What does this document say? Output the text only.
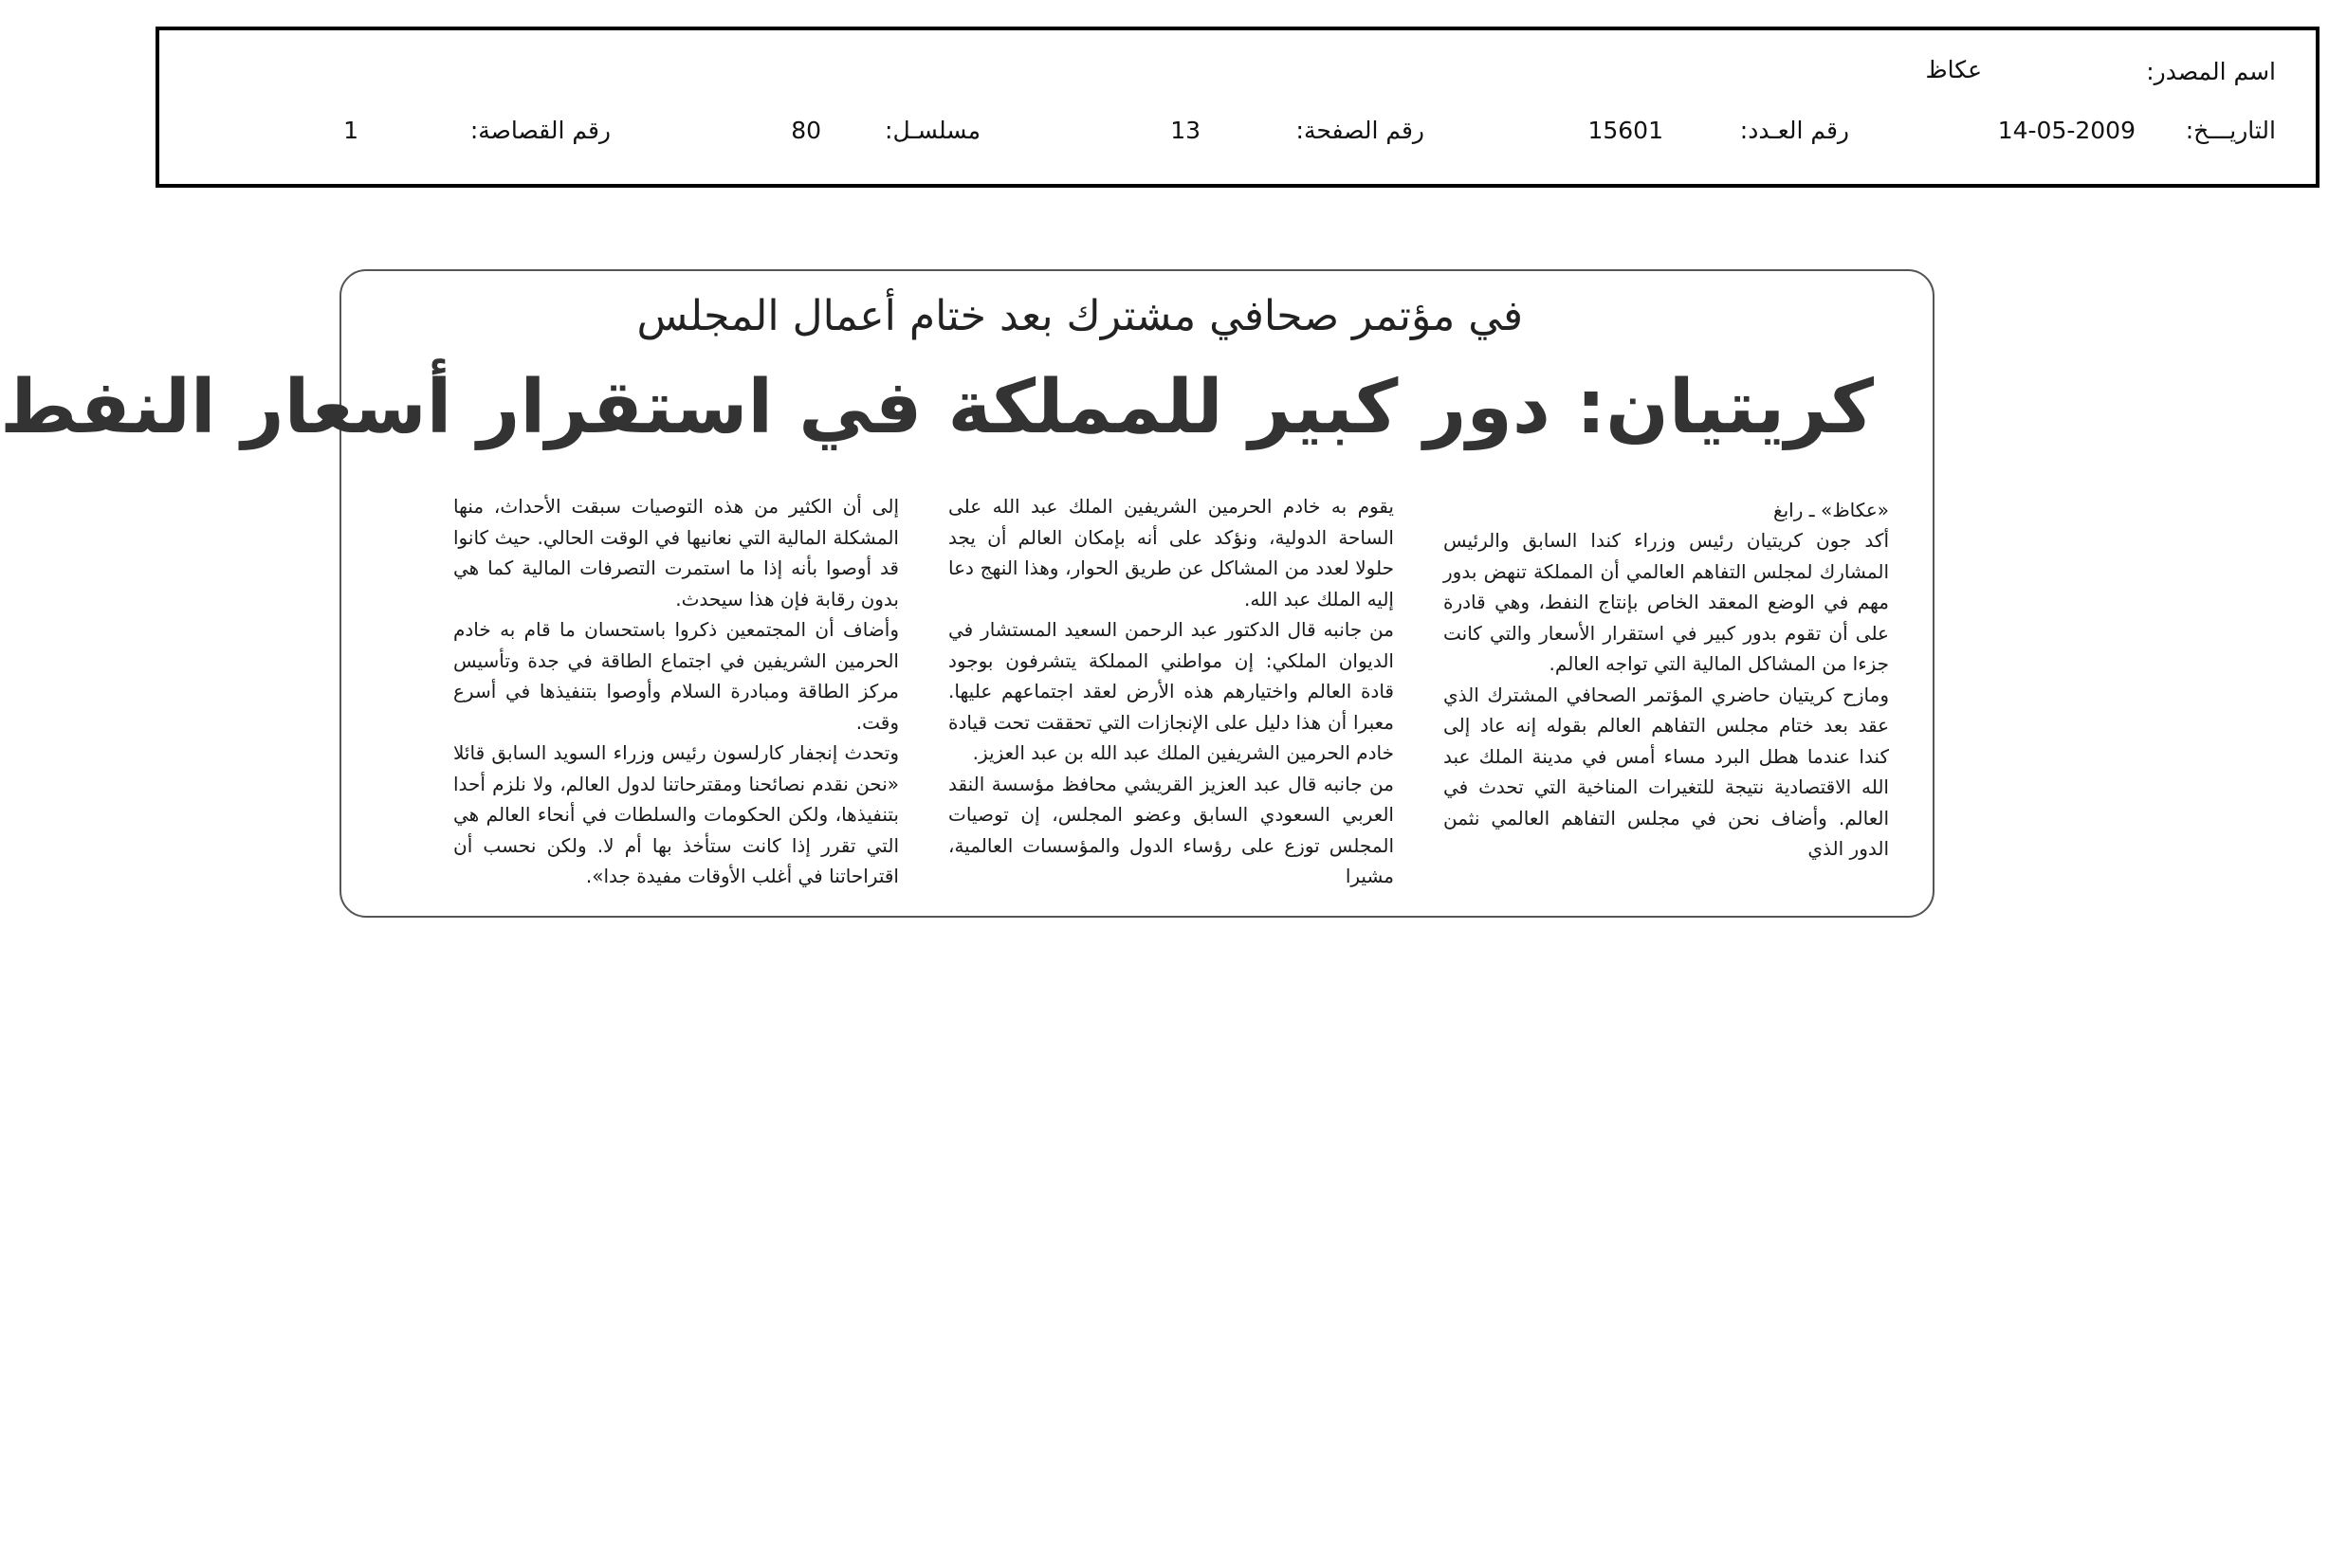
اسم المصدر:
عكاظ
التاريـــخ:
14-05-2009
رقم العـدد:
15601
رقم الصفحة:
13
مسلسـل:
80
رقم القصاصة:
1
في مؤتمر صحافي مشترك بعد ختام أعمال المجلس
كريتيان: دور كبير للمملكة في استقرار أسعار النفط

«عكاظ» ـ رابغ

أكد جون كريتيان رئيس وزراء كندا السابق والرئيس المشارك لمجلس التفاهم العالمي أن المملكة تنهض بدور مهم في الوضع المعقد الخاص بإنتاج النفط، وهي قادرة على أن تقوم بدور كبير في استقرار الأسعار والتي كانت جزءا من المشاكل المالية التي تواجه العالم.

ومازح كريتيان حاضري المؤتمر الصحافي المشترك الذي عقد بعد ختام مجلس التفاهم العالم بقوله إنه عاد إلى كندا عندما هطل البرد مساء أمس في مدينة الملك عبد الله الاقتصادية نتيجة للتغيرات المناخية التي تحدث في العالم. وأضاف نحن في مجلس التفاهم العالمي نثمن الدور الذي

يقوم به خادم الحرمين الشريفين الملك عبد الله على الساحة الدولية، ونؤكد على أنه بإمكان العالم أن يجد حلولا لعدد من المشاكل عن طريق الحوار، وهذا النهج دعا إليه الملك عبد الله.

من جانبه قال الدكتور عبد الرحمن السعيد المستشار في الديوان الملكي: إن مواطني المملكة يتشرفون بوجود قادة العالم واختيارهم هذه الأرض لعقد اجتماعهم عليها. معبرا أن هذا دليل على الإنجازات التي تحققت تحت قيادة خادم الحرمين الشريفين الملك عبد الله بن عبد العزيز.

من جانبه قال عبد العزيز القريشي محافظ مؤسسة النقد العربي السعودي السابق وعضو المجلس، إن توصيات المجلس توزع على رؤساء الدول والمؤسسات العالمية، مشيرا

إلى أن الكثير من هذه التوصيات سبقت الأحداث، منها المشكلة المالية التي نعانيها في الوقت الحالي. حيث كانوا قد أوصوا بأنه إذا ما استمرت التصرفات المالية كما هي بدون رقابة فإن هذا سيحدث.

وأضاف أن المجتمعين ذكروا باستحسان ما قام به خادم الحرمين الشريفين في اجتماع الطاقة في جدة وتأسيس مركز الطاقة ومبادرة السلام وأوصوا بتنفيذها في أسرع وقت.

وتحدث إنجفار كارلسون رئيس وزراء السويد السابق قائلا «نحن نقدم نصائحنا ومقترحاتنا لدول العالم، ولا نلزم أحدا بتنفيذها، ولكن الحكومات والسلطات في أنحاء العالم هي التي تقرر إذا كانت ستأخذ بها أم لا. ولكن نحسب أن اقتراحاتنا في أغلب الأوقات مفيدة جدا».
